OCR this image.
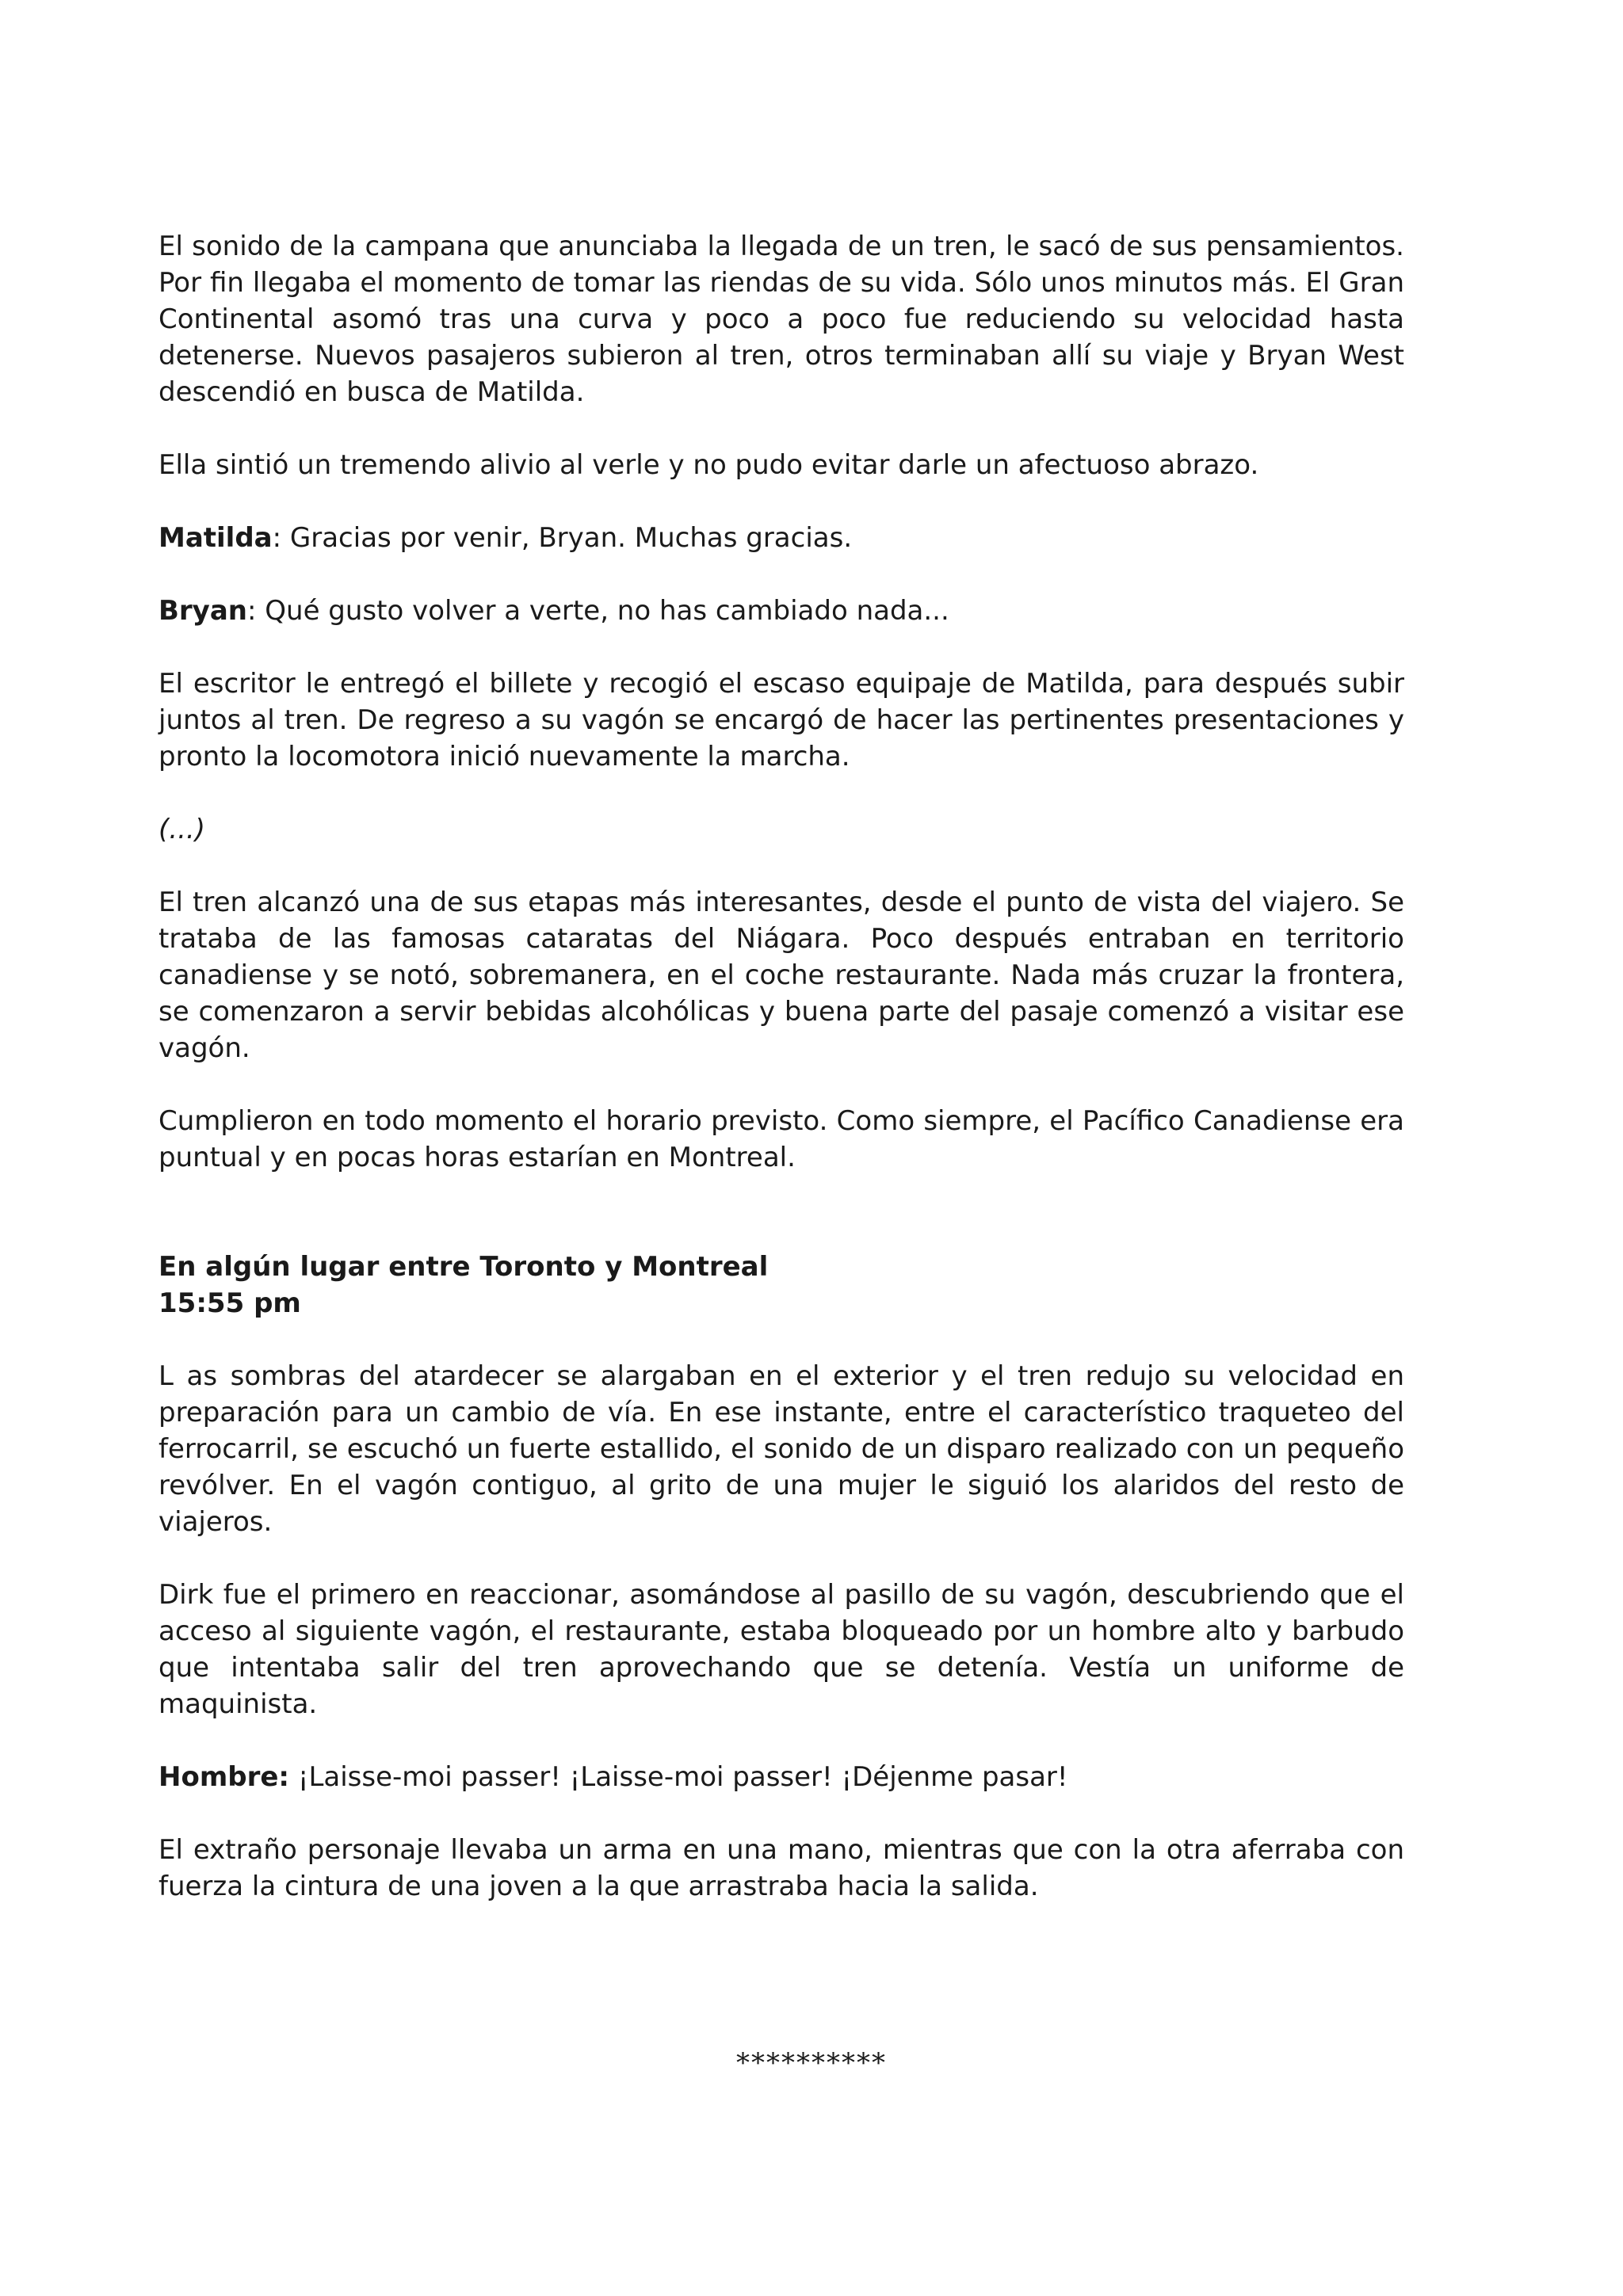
El sonido de la campana que anunciaba la llegada de un tren, le sacó de sus pensamientos. Por fin llegaba el momento de tomar las riendas de su vida. Sólo unos minutos más. El Gran Continental asomó tras una curva y poco a poco fue reduciendo su velocidad hasta detenerse. Nuevos pasajeros subieron al tren, otros terminaban allí su viaje y Bryan West descendió en busca de Matilda.

Ella sintió un tremendo alivio al verle y no pudo evitar darle un afectuoso abrazo.

Matilda: Gracias por venir, Bryan. Muchas gracias.

Bryan: Qué gusto volver a verte, no has cambiado nada...

El escritor le entregó el billete y recogió el escaso equipaje de Matilda, para después subir juntos al tren. De regreso a su vagón se encargó de hacer las pertinentes presentaciones y pronto la locomotora inició nuevamente la marcha.

(...)

El tren alcanzó una de sus etapas más interesantes, desde el punto de vista del viajero. Se trataba de las famosas cataratas del Niágara. Poco después entraban en territorio canadiense y se notó, sobremanera, en el coche restaurante. Nada más cruzar la frontera, se comenzaron a servir bebidas alcohólicas y buena parte del pasaje comenzó a visitar ese vagón.

Cumplieron en todo momento el horario previsto. Como siempre, el Pacífico Canadiense era puntual y en pocas horas estarían en Montreal.

En algún lugar entre Toronto y Montreal

15:55 pm

L as sombras del atardecer se alargaban en el exterior y el tren redujo su velocidad en preparación para un cambio de vía. En ese instante, entre el característico traqueteo del ferrocarril, se escuchó un fuerte estallido, el sonido de un disparo realizado con un pequeño revólver. En el vagón contiguo, al grito de una mujer le siguió los alaridos del resto de viajeros.

Dirk fue el primero en reaccionar, asomándose al pasillo de su vagón, descubriendo que el acceso al siguiente vagón, el restaurante, estaba bloqueado por un hombre alto y barbudo que intentaba salir del tren aprovechando que se detenía. Vestía un uniforme de maquinista.

Hombre: ¡Laisse-moi passer! ¡Laisse-moi passer! ¡Déjenme pasar!

El extraño personaje llevaba un arma en una mano, mientras que con la otra aferraba con fuerza la cintura de una joven a la que arrastraba hacia la salida.

**********
